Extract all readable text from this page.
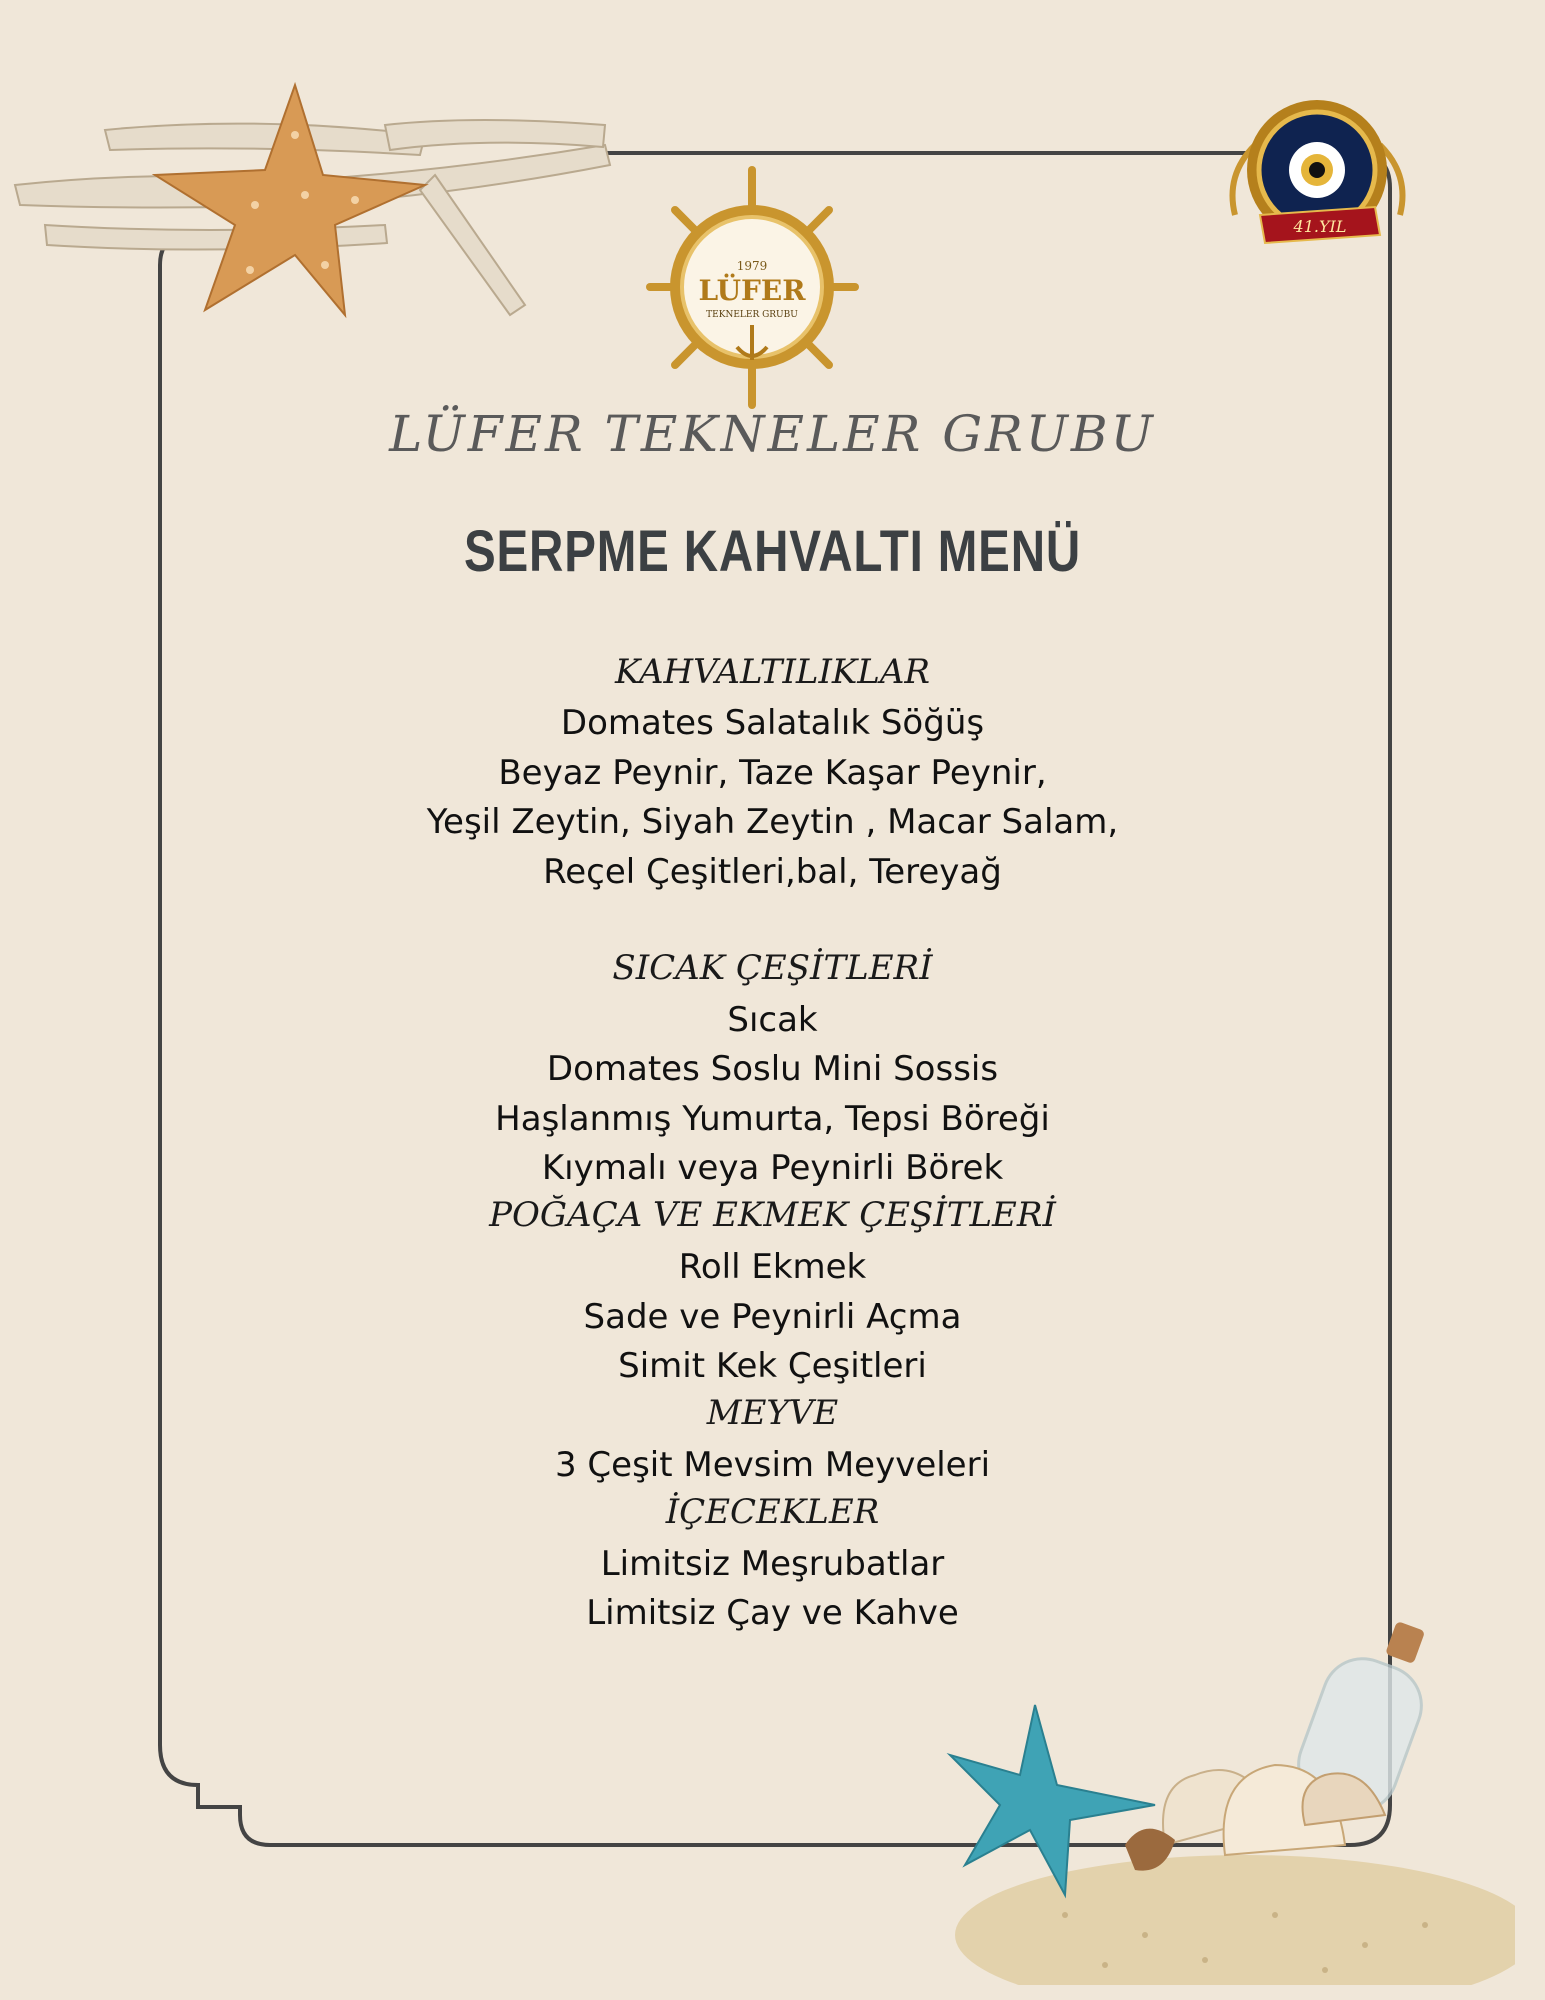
41.YIL
1979
LÜFER
TEKNELER GRUBU
LÜFER TEKNELER GRUBU
SERPME KAHVALTI MENÜ
KAHVALTILIKLAR
Domates Salatalık Söğüş
Beyaz Peynir, Taze Kaşar Peynir,
Yeşil Zeytin, Siyah Zeytin , Macar Salam,
Reçel Çeşitleri,bal, Tereyağ
SICAK ÇEŞİTLERİ
Sıcak
Domates Soslu Mini Sossis
Haşlanmış Yumurta, Tepsi Böreği
Kıymalı veya Peynirli Börek
POĞAÇA VE EKMEK ÇEŞİTLERİ
Roll Ekmek
Sade ve Peynirli Açma
Simit Kek Çeşitleri
MEYVE
3 Çeşit Mevsim Meyveleri
İÇECEKLER
Limitsiz Meşrubatlar
Limitsiz Çay ve Kahve
